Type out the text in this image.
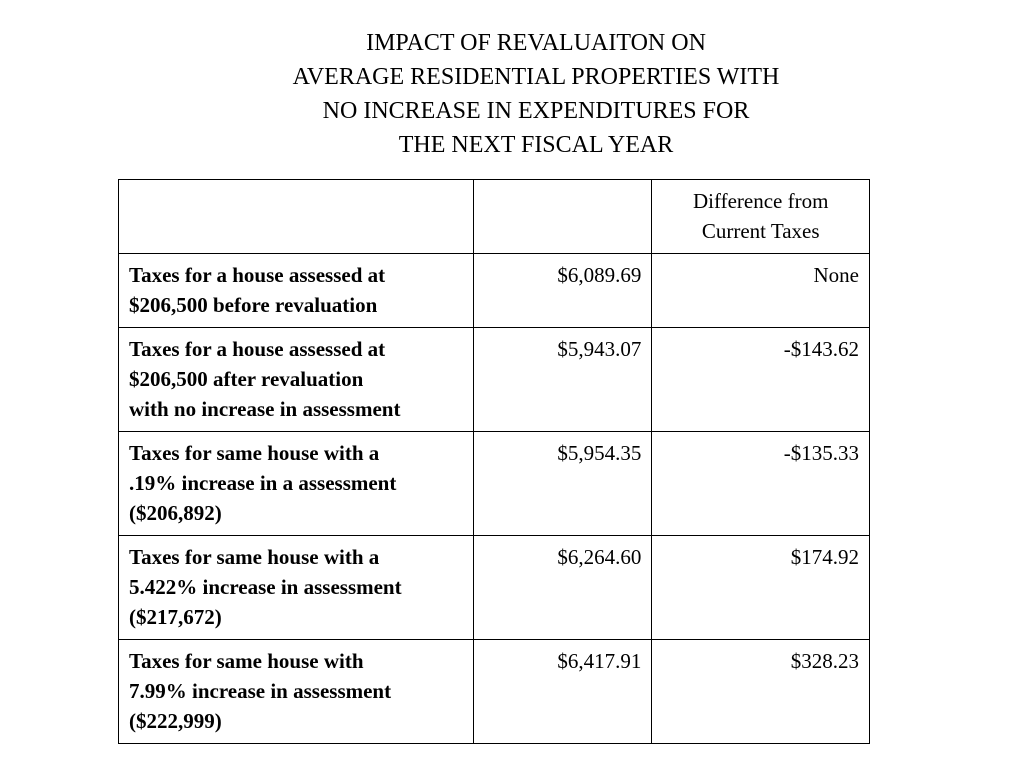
IMPACT OF REVALUAITON ON
AVERAGE RESIDENTIAL PROPERTIES WITH
NO INCREASE IN EXPENDITURES FOR
THE NEXT FISCAL YEAR

		Difference from
Current Taxes

Taxes for a house assessed at
$206,500 before revaluation	$6,089.69	None

Taxes for a house assessed at
$206,500 after revaluation
with no increase in assessment	$5,943.07	-$143.62

Taxes for same house with a
.19% increase in a assessment
($206,892)	$5,954.35	-$135.33

Taxes for same house with a
5.422% increase in assessment
($217,672)	$6,264.60	$174.92

Taxes for same house with
7.99% increase in assessment
($222,999)	$6,417.91	$328.23
